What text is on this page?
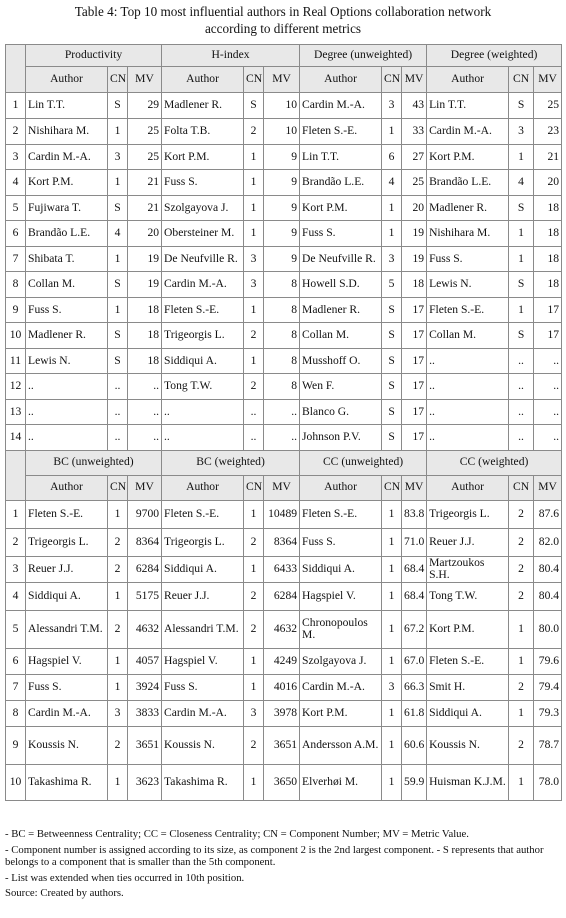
Table 4: Top 10 most influential authors in Real Options collaboration network
according to different metrics
	Productivity			H-index			Degree (unweighted)			Degree (weighted)		
	Author	CN	MV	Author	CN	MV	Author	CN	MV	Author	CN	MV
1	Lin T.T.	S	29	Madlener R.	S	10	Cardin M.-A.	3	43	Lin T.T.	S	25
2	Nishihara M.	1	25	Folta T.B.	2	10	Fleten S.-E.	1	33	Cardin M.-A.	3	23
3	Cardin M.-A.	3	25	Kort P.M.	1	9	Lin T.T.	6	27	Kort P.M.	1	21
4	Kort P.M.	1	21	Fuss S.	1	9	Brandão L.E.	4	25	Brandão L.E.	4	20
5	Fujiwara T.	S	21	Szolgayova J.	1	9	Kort P.M.	1	20	Madlener R.	S	18
6	Brandão L.E.	4	20	Obersteiner M.	1	9	Fuss S.	1	19	Nishihara M.	1	18
7	Shibata T.	1	19	De Neufville R.	3	9	De Neufville R.	3	19	Fuss S.	1	18
8	Collan M.	S	19	Cardin M.-A.	3	8	Howell S.D.	5	18	Lewis N.	S	18
9	Fuss S.	1	18	Fleten S.-E.	1	8	Madlener R.	S	17	Fleten S.-E.	1	17
10	Madlener R.	S	18	Trigeorgis L.	2	8	Collan M.	S	17	Collan M.	S	17
11	Lewis N.	S	18	Siddiqui A.	1	8	Musshoff O.	S	17	..	..	..
12	..	..	..	Tong T.W.	2	8	Wen F.	S	17	..	..	..
13	..	..	..	..	..	..	Blanco G.	S	17	..	..	..
14	..	..	..	..	..	..	Johnson P.V.	S	17	..	..	..
	BC (unweighted)			BC (weighted)			CC (unweighted)			CC (weighted)		
	Author	CN	MV	Author	CN	MV	Author	CN	MV	Author	CN	MV
1	Fleten S.-E.	1	9700	Fleten S.-E.	1	10489	Fleten S.-E.	1	83.8	Trigeorgis L.	2	87.6
2	Trigeorgis L.	2	8364	Trigeorgis L.	2	8364	Fuss S.	1	71.0	Reuer J.J.	2	82.0
3	Reuer J.J.	2	6284	Siddiqui A.	1	6433	Siddiqui A.	1	68.4	Martzoukos S.H.	2	80.4
4	Siddiqui A.	1	5175	Reuer J.J.	2	6284	Hagspiel V.	1	68.4	Tong T.W.	2	80.4
5	Alessandri T.M.	2	4632	Alessandri T.M.	2	4632	Chronopoulos M.	1	67.2	Kort P.M.	1	80.0
6	Hagspiel V.	1	4057	Hagspiel V.	1	4249	Szolgayova J.	1	67.0	Fleten S.-E.	1	79.6
7	Fuss S.	1	3924	Fuss S.	1	4016	Cardin M.-A.	3	66.3	Smit H.	2	79.4
8	Cardin M.-A.	3	3833	Cardin M.-A.	3	3978	Kort P.M.	1	61.8	Siddiqui A.	1	79.3
9	Koussis N.	2	3651	Koussis N.	2	3651	Andersson A.M.	1	60.6	Koussis N.	2	78.7
10	Takashima R.	1	3623	Takashima R.	1	3650	Elverhøi M.	1	59.9	Huisman K.J.M.	1	78.0

- BC = Betweenness Centrality; CC = Closeness Centrality; CN = Component Number; MV = Metric Value.

- Component number is assigned according to its size, as component 2 is the 2nd largest component. - S represents that author belongs to a component that is smaller than the 5th component.

- List was extended when ties occurred in 10th position.

Source: Created by authors.
